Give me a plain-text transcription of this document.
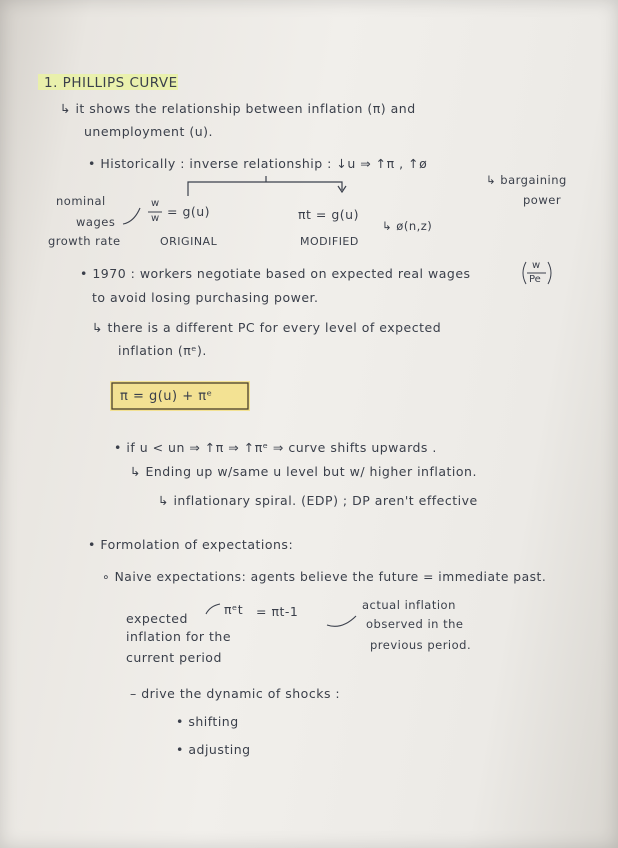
1. PHILLIPS CURVE
↳ it shows the relationship between inflation (π) and
unemployment (u).
• Historically : inverse relationship : ↓u ⇒ ↑π , ↑ø
↳ bargaining
power
nominal
wages
growth rate
w
w = g(u)
ORIGINAL
πt = g(u)
↳ ø(n,z)
MODIFIED
• 1970 : workers negotiate based on expected real wages
w
Pe
to avoid losing purchasing power.
↳ there is a different PC for every level of expected
inflation (πᵉ).
π = g(u) + πᵉ
• if u < un ⇒ ↑π ⇒ ↑πᵉ ⇒ curve shifts upwards .
↳ Ending up w/same u level but w/ higher inflation.
↳ inflationary spiral. (EDP) ; DP aren't effective
• Formolation of expectations:
∘ Naive expectations: agents believe the future = immediate past.
expected
inflation for the
current period
πᵉt = πt-1	actual inflation
observed in the
previous period.
– drive the dynamic of shocks :
• shifting
• adjusting
